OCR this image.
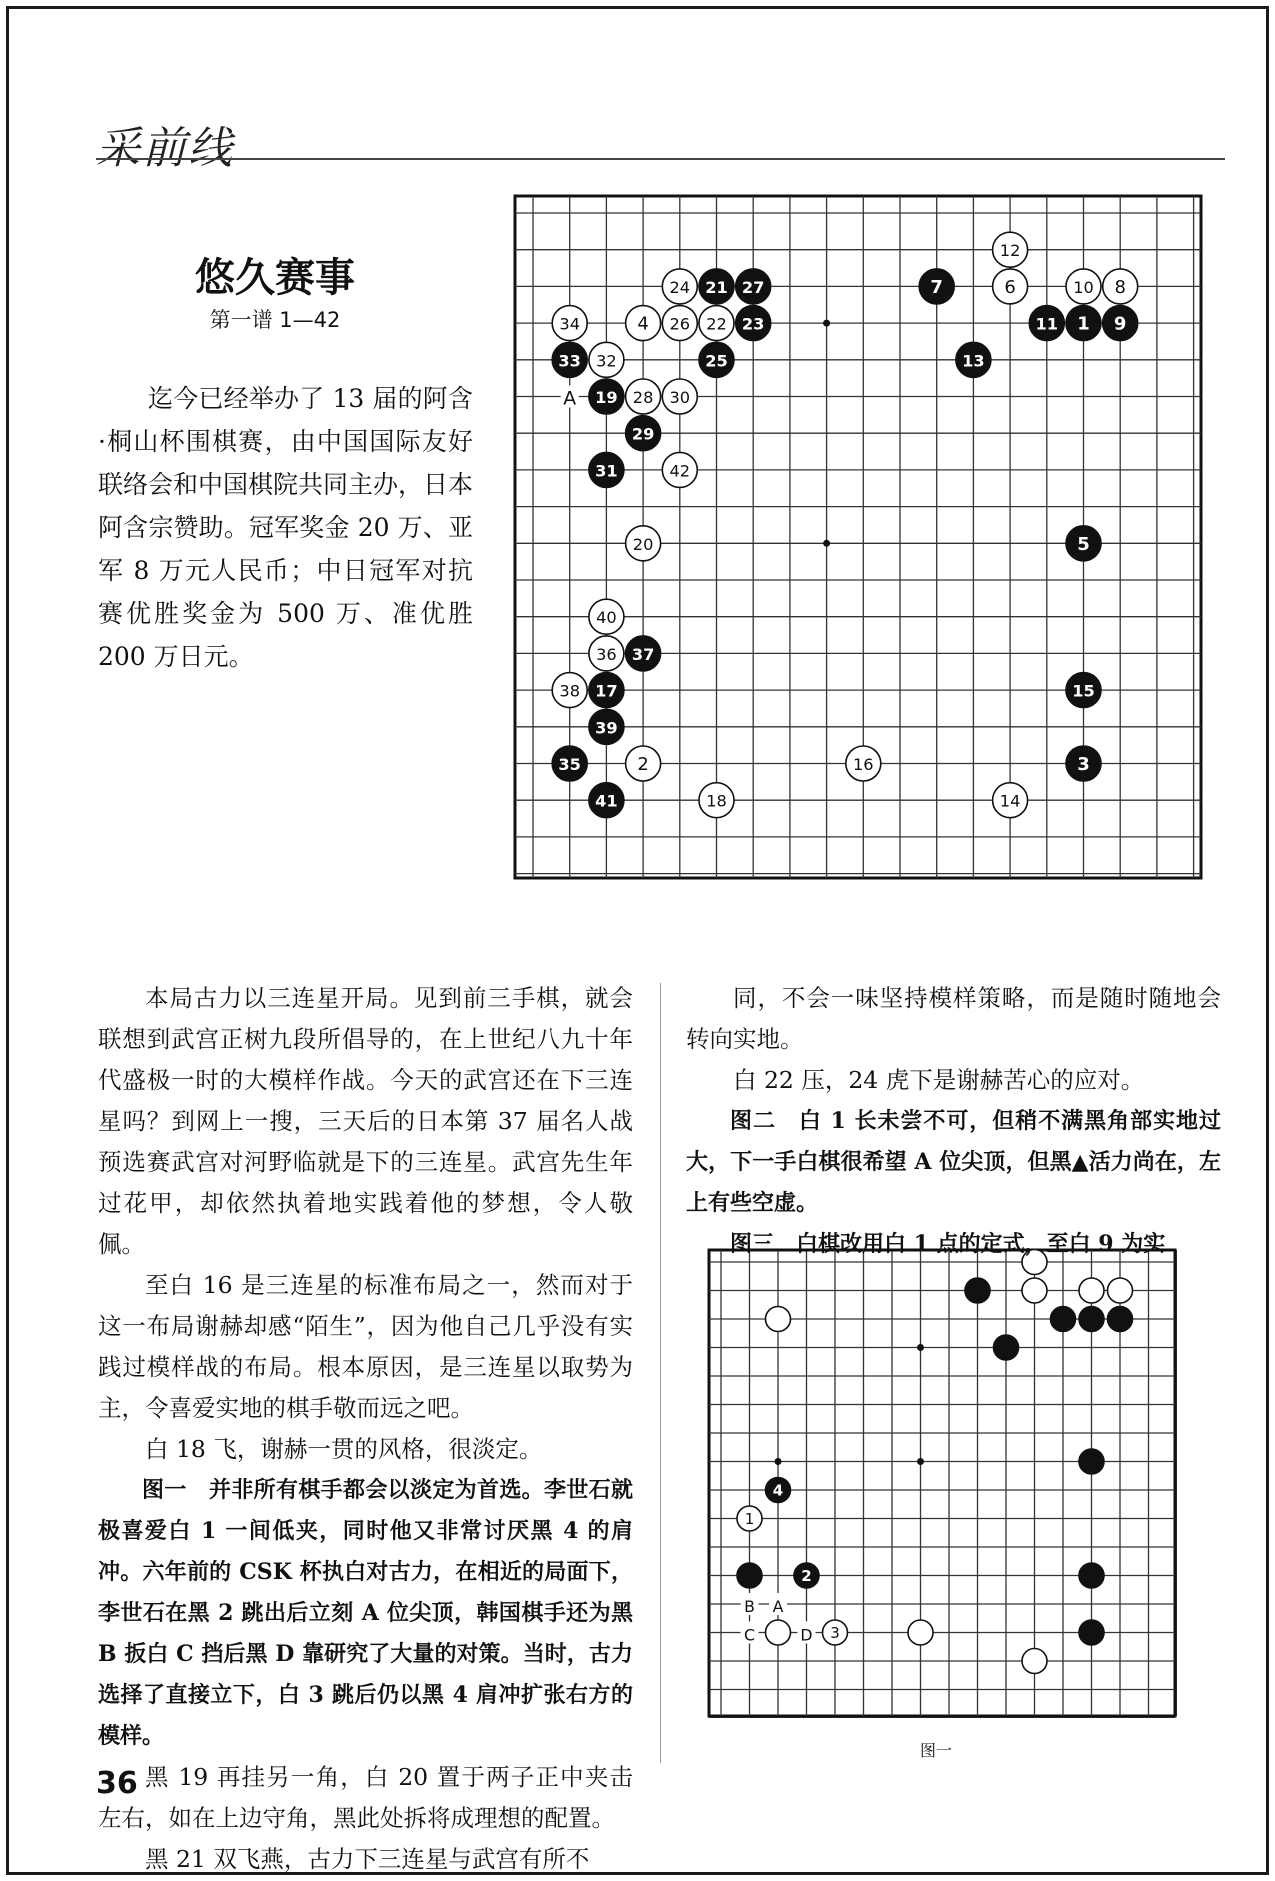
采前线
悠久赛事
第一谱 1—42

迄今已经举办了 13 届的阿含·桐山杯围棋赛，由中国国际友好联络会和中国棋院共同主办，日本阿含宗赞助。冠军奖金 20 万、亚军 8 万元人民币；中日冠军对抗赛优胜奖金为 500 万、准优胜 200 万日元。

12
24 21 27	7	6	10 8
34	4 26 22 23	11 1 9
33 32	25	13
19 28 30
29
31	42
20	5
40
36 37
38 17	15
39
35	2	16	3
41	18	14
A
4
1
2
3
B A
C	D
图一

本局古力以三连星开局。见到前三手棋，就会联想到武宫正树九段所倡导的，在上世纪八九十年代盛极一时的大模样作战。今天的武宫还在下三连星吗？到网上一搜，三天后的日本第 37 届名人战预选赛武宫对河野临就是下的三连星。武宫先生年过花甲，却依然执着地实践着他的梦想，令人敬佩。

至白 16 是三连星的标准布局之一，然而对于这一布局谢赫却感“陌生”，因为他自己几乎没有实践过模样战的布局。根本原因，是三连星以取势为主，令喜爱实地的棋手敬而远之吧。

白 18 飞，谢赫一贯的风格，很淡定。

图一　并非所有棋手都会以淡定为首选。李世石就极喜爱白 1 一间低夹，同时他又非常讨厌黑 4 的肩冲。六年前的 CSK 杯执白对古力，在相近的局面下，李世石在黑 2 跳出后立刻 A 位尖顶，韩国棋手还为黑 B 扳白 C 挡后黑 D 靠研究了大量的对策。当时，古力选择了直接立下，白 3 跳后仍以黑 4 肩冲扩张右方的模样。

黑 19 再挂另一角，白 20 置于两子正中夹击左右，如在上边守角，黑此处拆将成理想的配置。

黑 21 双飞燕，古力下三连星与武宫有所不

同，不会一味坚持模样策略，而是随时随地会转向实地。

白 22 压，24 虎下是谢赫苦心的应对。

图二　白 1 长未尝不可，但稍不满黑角部实地过大，下一手白棋很希望 A 位尖顶，但黑▲活力尚在，左上有些空虚。

图三　白棋改用白 1 点的定式，至白 9 为实

36
